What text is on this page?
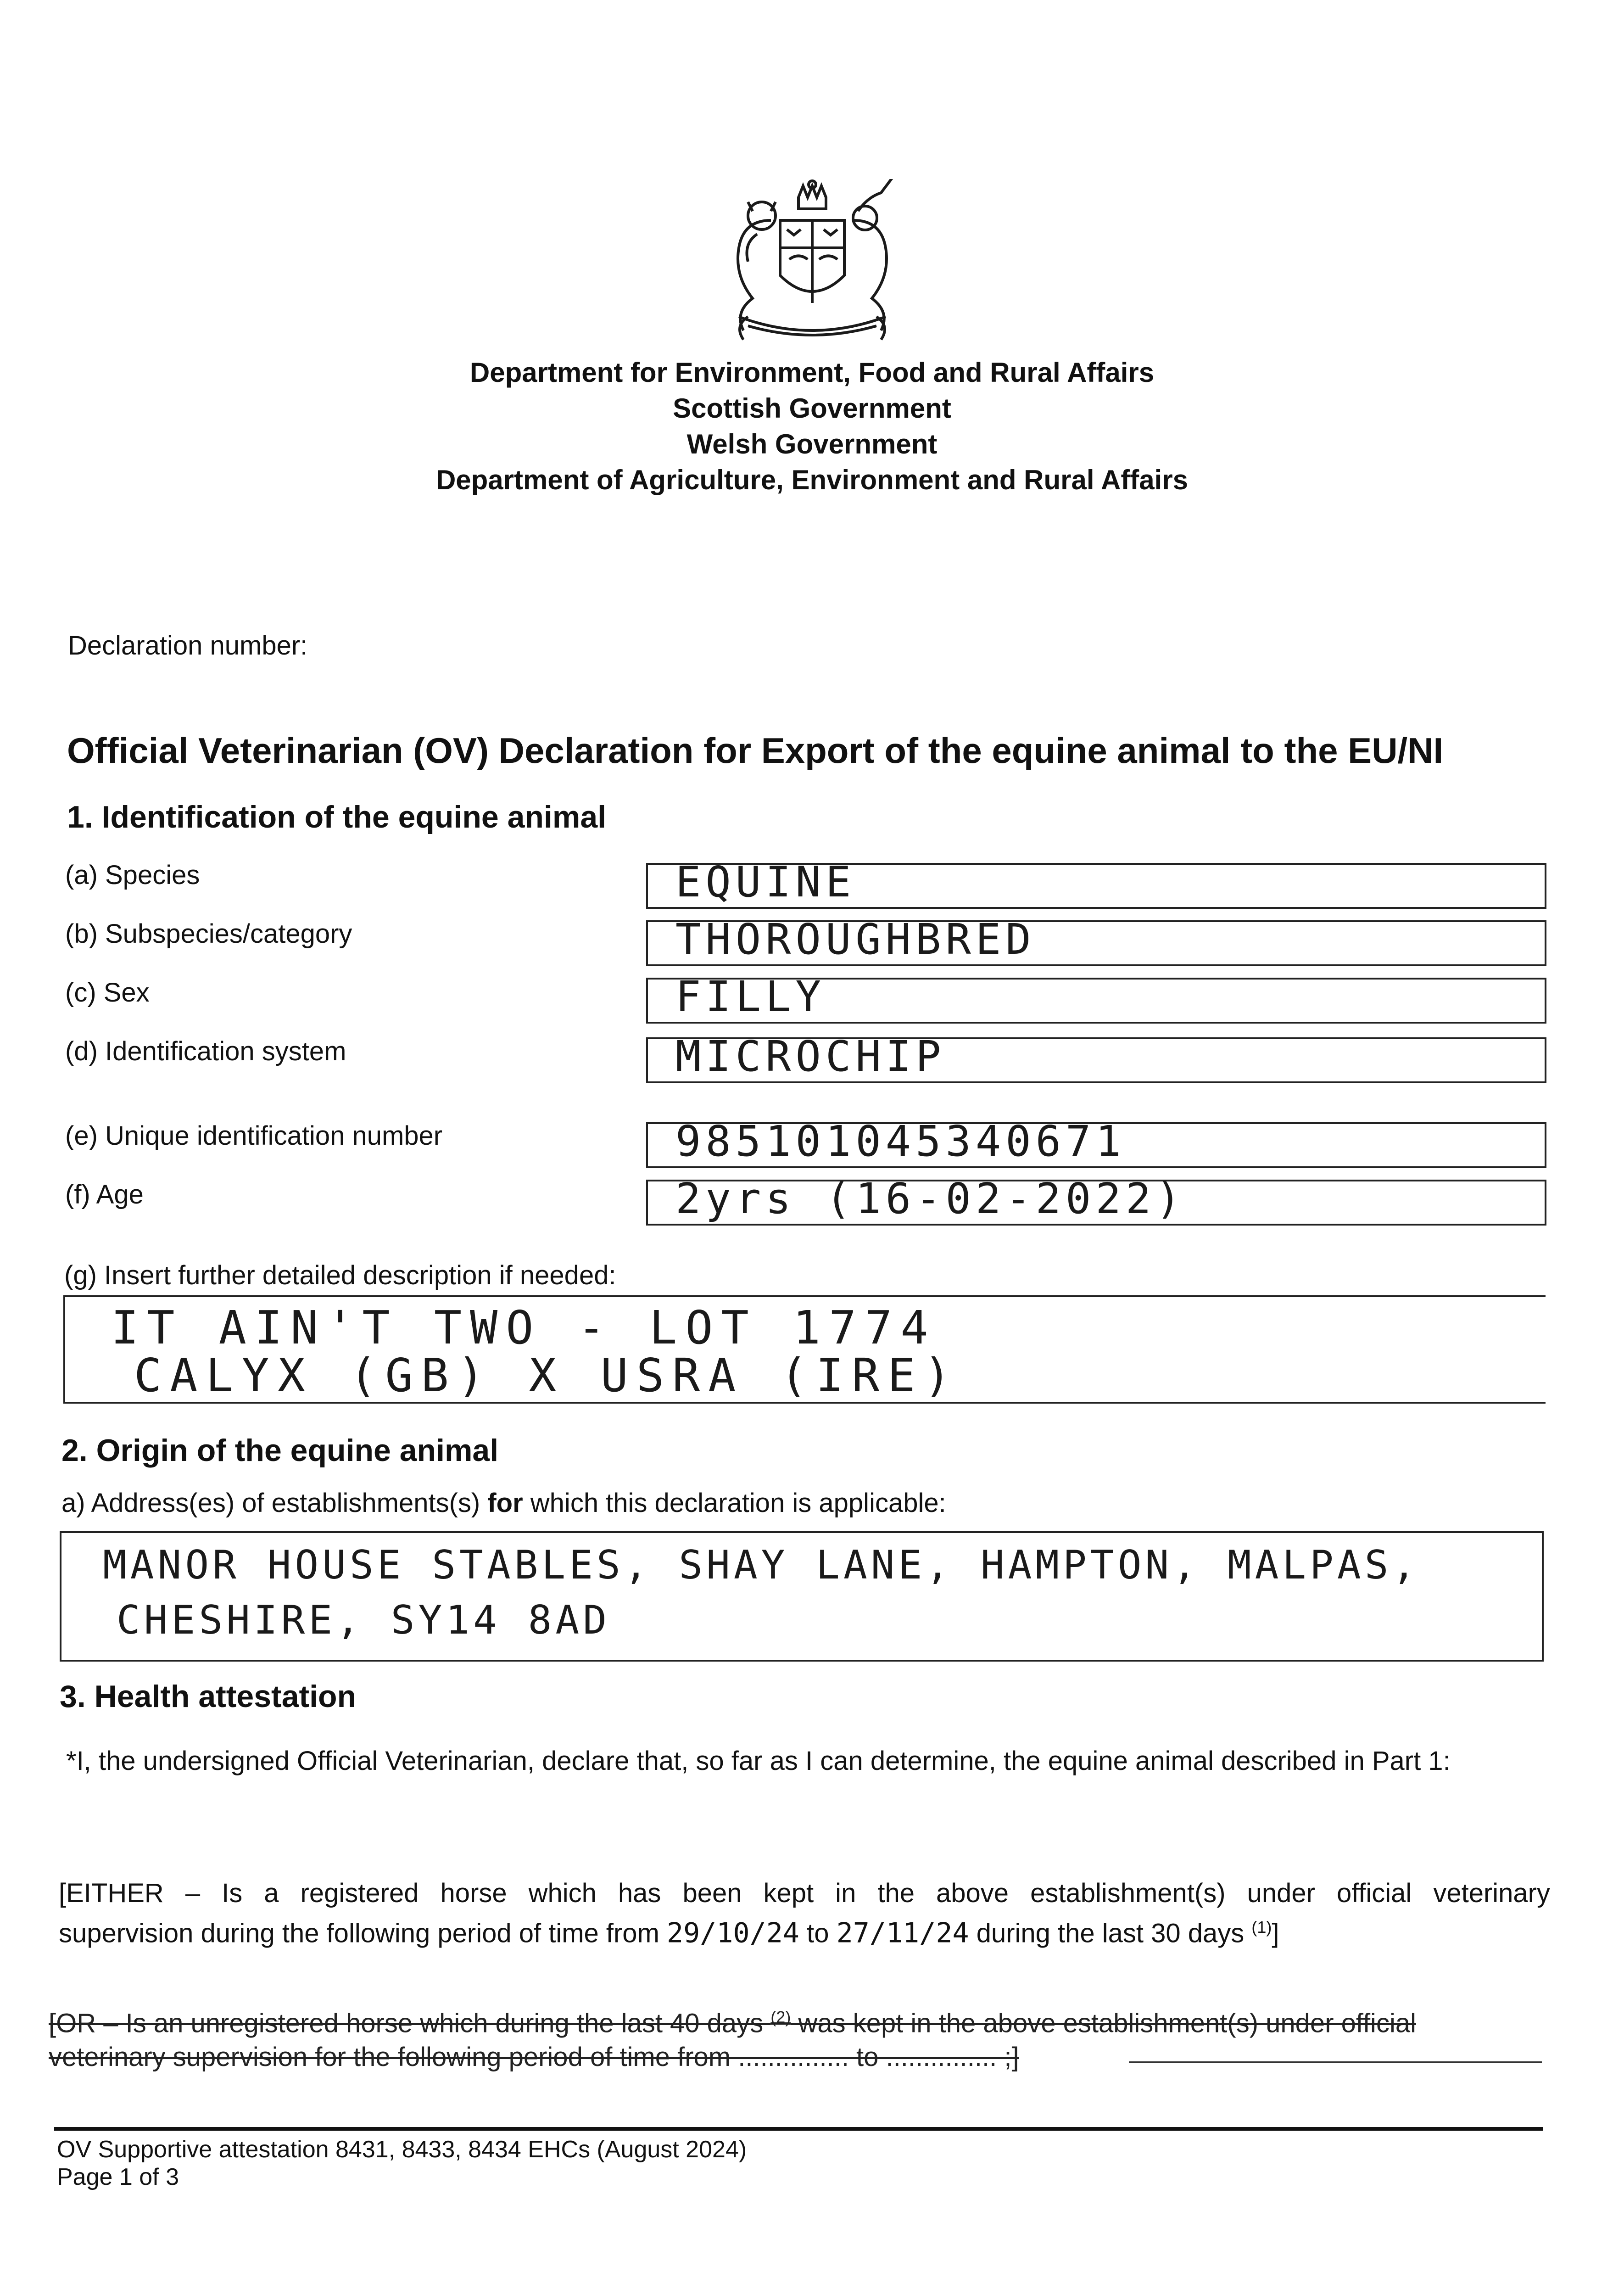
Department for Environment, Food and Rural Affairs
Scottish Government
Welsh Government
Department of Agriculture, Environment and Rural Affairs
Declaration number:
Official Veterinarian (OV) Declaration for Export of the equine animal to the EU/NI
1. Identification of the equine animal
(a) Species	EQUINE
(b) Subspecies/category	THOROUGHBRED
(c) Sex	FILLY
(d) Identification system	MICROCHIP
(e) Unique identification number	985101045340671
(f) Age	2yrs (16-02-2022)
(g) Insert further detailed description if needed:
IT AIN'T TWO - LOT 1774
CALYX (GB) X USRA (IRE)
2. Origin of the equine animal
a) Address(es) of establishments(s) for which this declaration is applicable:
MANOR HOUSE STABLES, SHAY LANE, HAMPTON, MALPAS,
CHESHIRE, SY14 8AD
3. Health attestation
*I, the undersigned Official Veterinarian, declare that, so far as I can determine, the equine animal described in Part 1:
[EITHER – Is a registered horse which has been kept in the above establishment(s) under official veterinary
supervision during the following period of time from 29/10/24 to 27/11/24 during the last 30 days $^{(1)}$]
[OR – Is an unregistered horse which during the last 40 days $^{(2)}$ was kept in the above establishment(s) under official
veterinary supervision for the following period of time from ............... to ............... ;]
OV Supportive attestation 8431, 8433, 8434 EHCs (August 2024)
Page 1 of 3
